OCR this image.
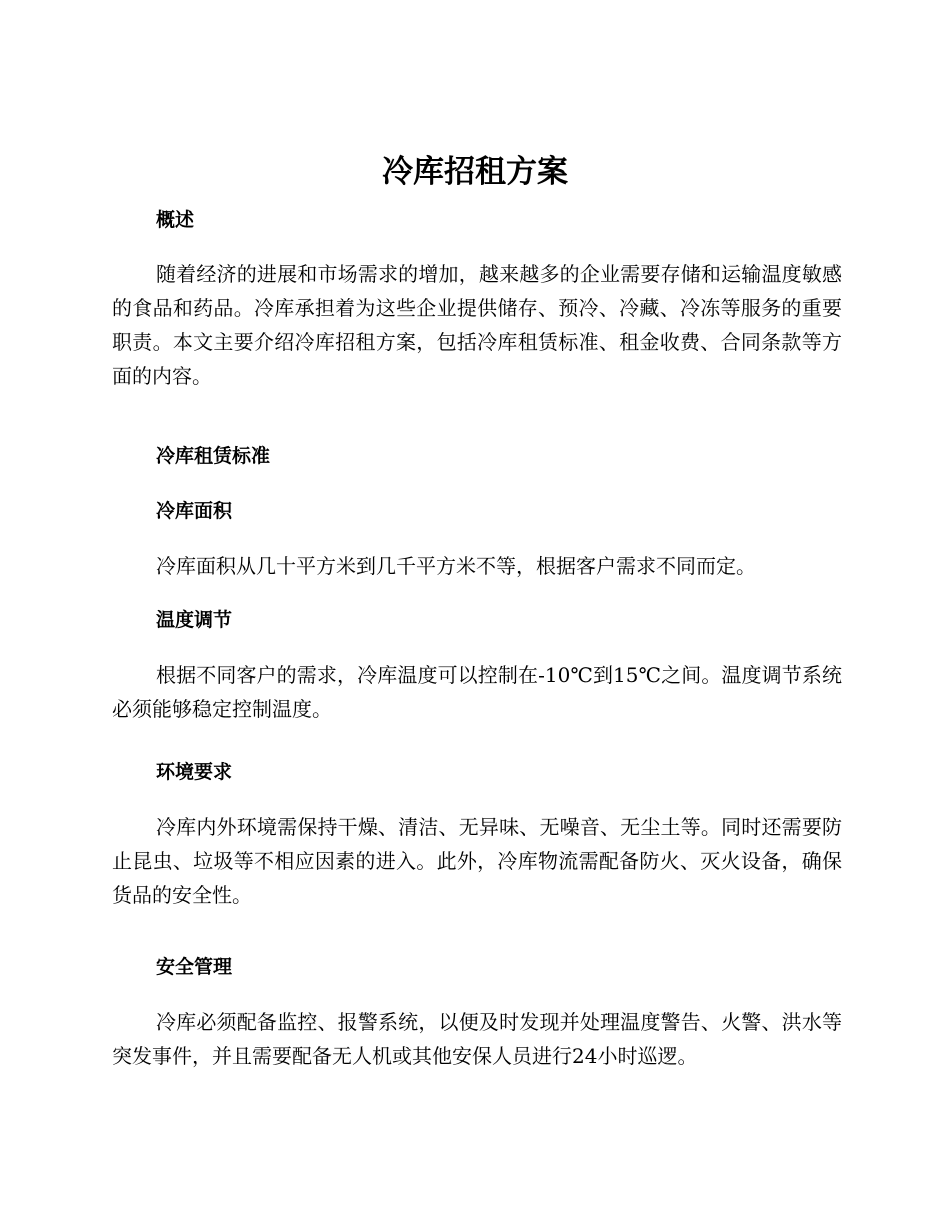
冷库招租方案
概述

随着经济的进展和市场需求的增加，越来越多的企业需要存储和运输温度敏感的食品和药品。冷库承担着为这些企业提供储存、预冷、冷藏、冷冻等服务的重要职责。本文主要介绍冷库招租方案，包括冷库租赁标准、租金收费、合同条款等方面的内容。

冷库租赁标准
冷库面积

冷库面积从几十平方米到几千平方米不等，根据客户需求不同而定。

温度调节

根据不同客户的需求，冷库温度可以控制在-10℃到15℃之间。温度调节系统必须能够稳定控制温度。

环境要求

冷库内外环境需保持干燥、清洁、无异味、无噪音、无尘土等。同时还需要防止昆虫、垃圾等不相应因素的进入。此外，冷库物流需配备防火、灭火设备，确保货品的安全性。

安全管理

冷库必须配备监控、报警系统，以便及时发现并处理温度警告、火警、洪水等突发事件，并且需要配备无人机或其他安保人员进行24小时巡逻。
